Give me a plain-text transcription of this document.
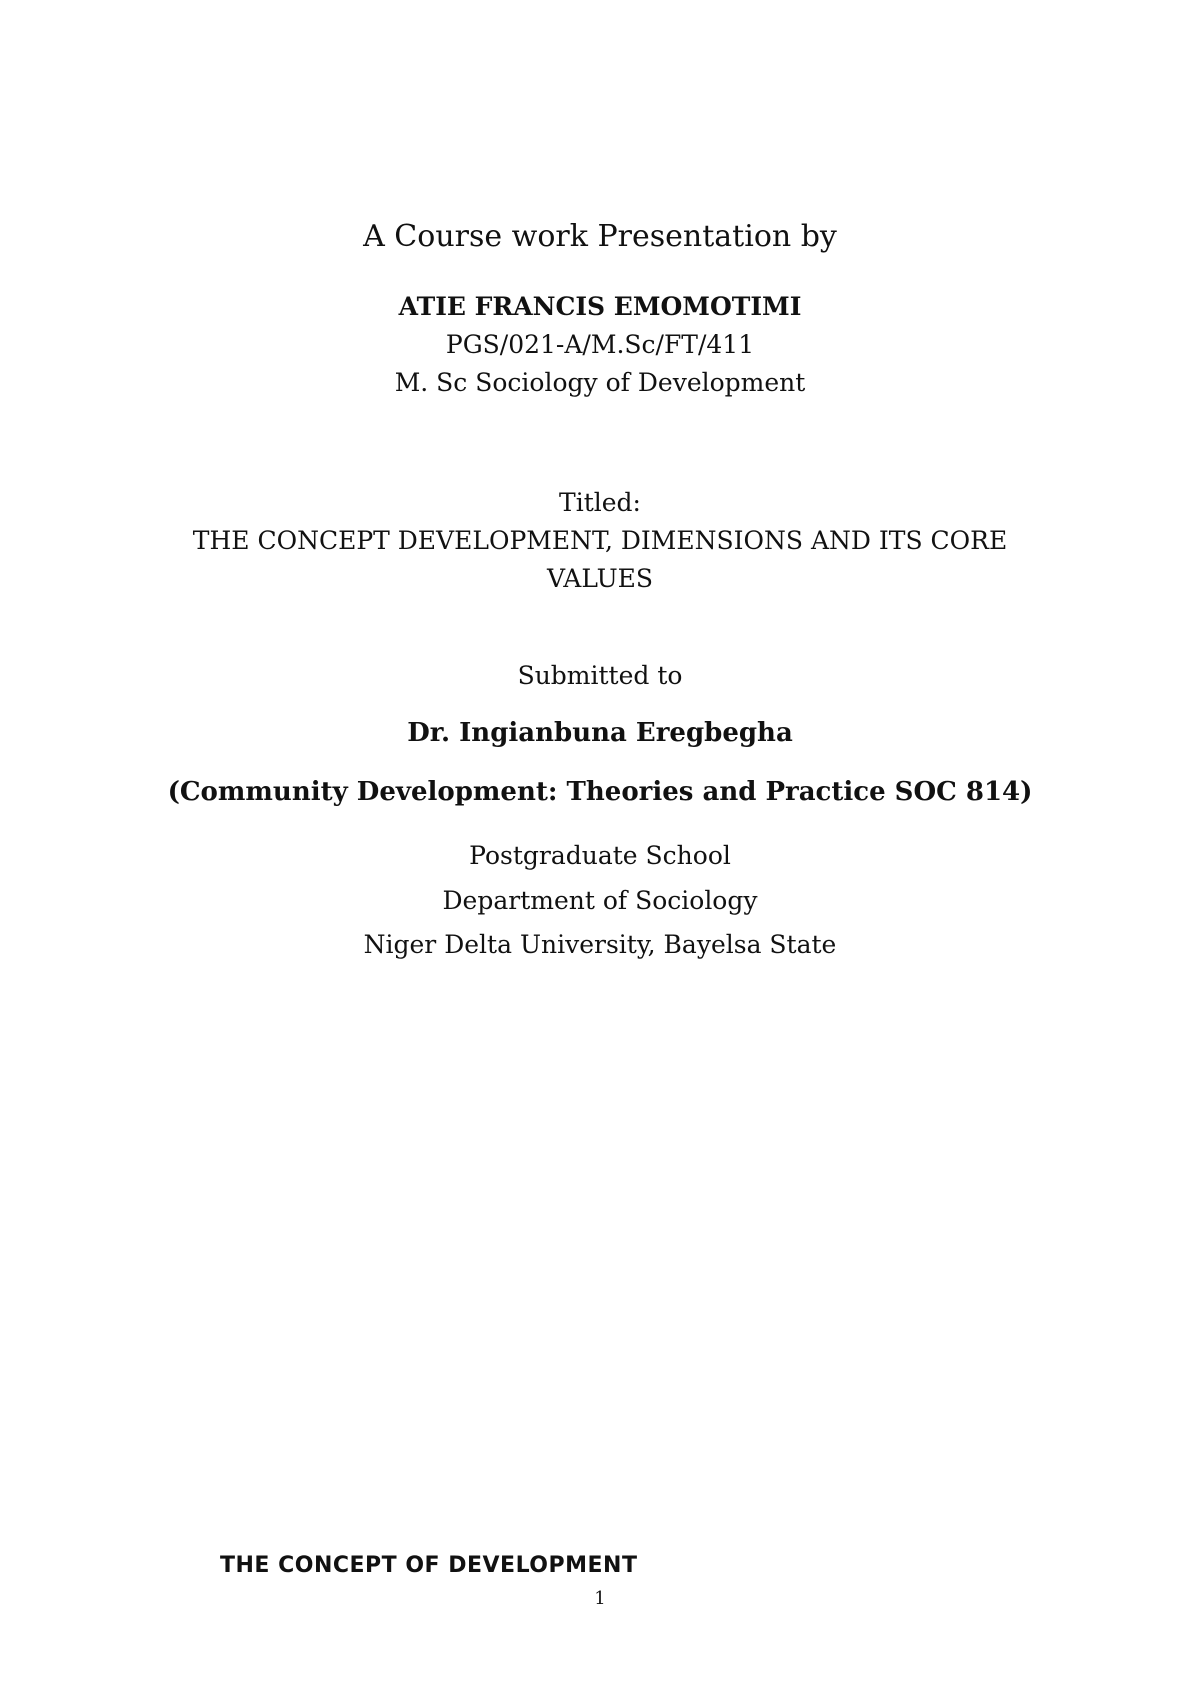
A Course work Presentation by
ATIE FRANCIS EMOMOTIMI
PGS/021-A/M.Sc/FT/411
M. Sc Sociology of Development
Titled:
THE CONCEPT DEVELOPMENT, DIMENSIONS AND ITS CORE
VALUES
Submitted to
Dr. Ingianbuna Eregbegha
(Community Development: Theories and Practice SOC 814)
Postgraduate School
Department of Sociology
Niger Delta University, Bayelsa State
THE CONCEPT OF DEVELOPMENT
1
